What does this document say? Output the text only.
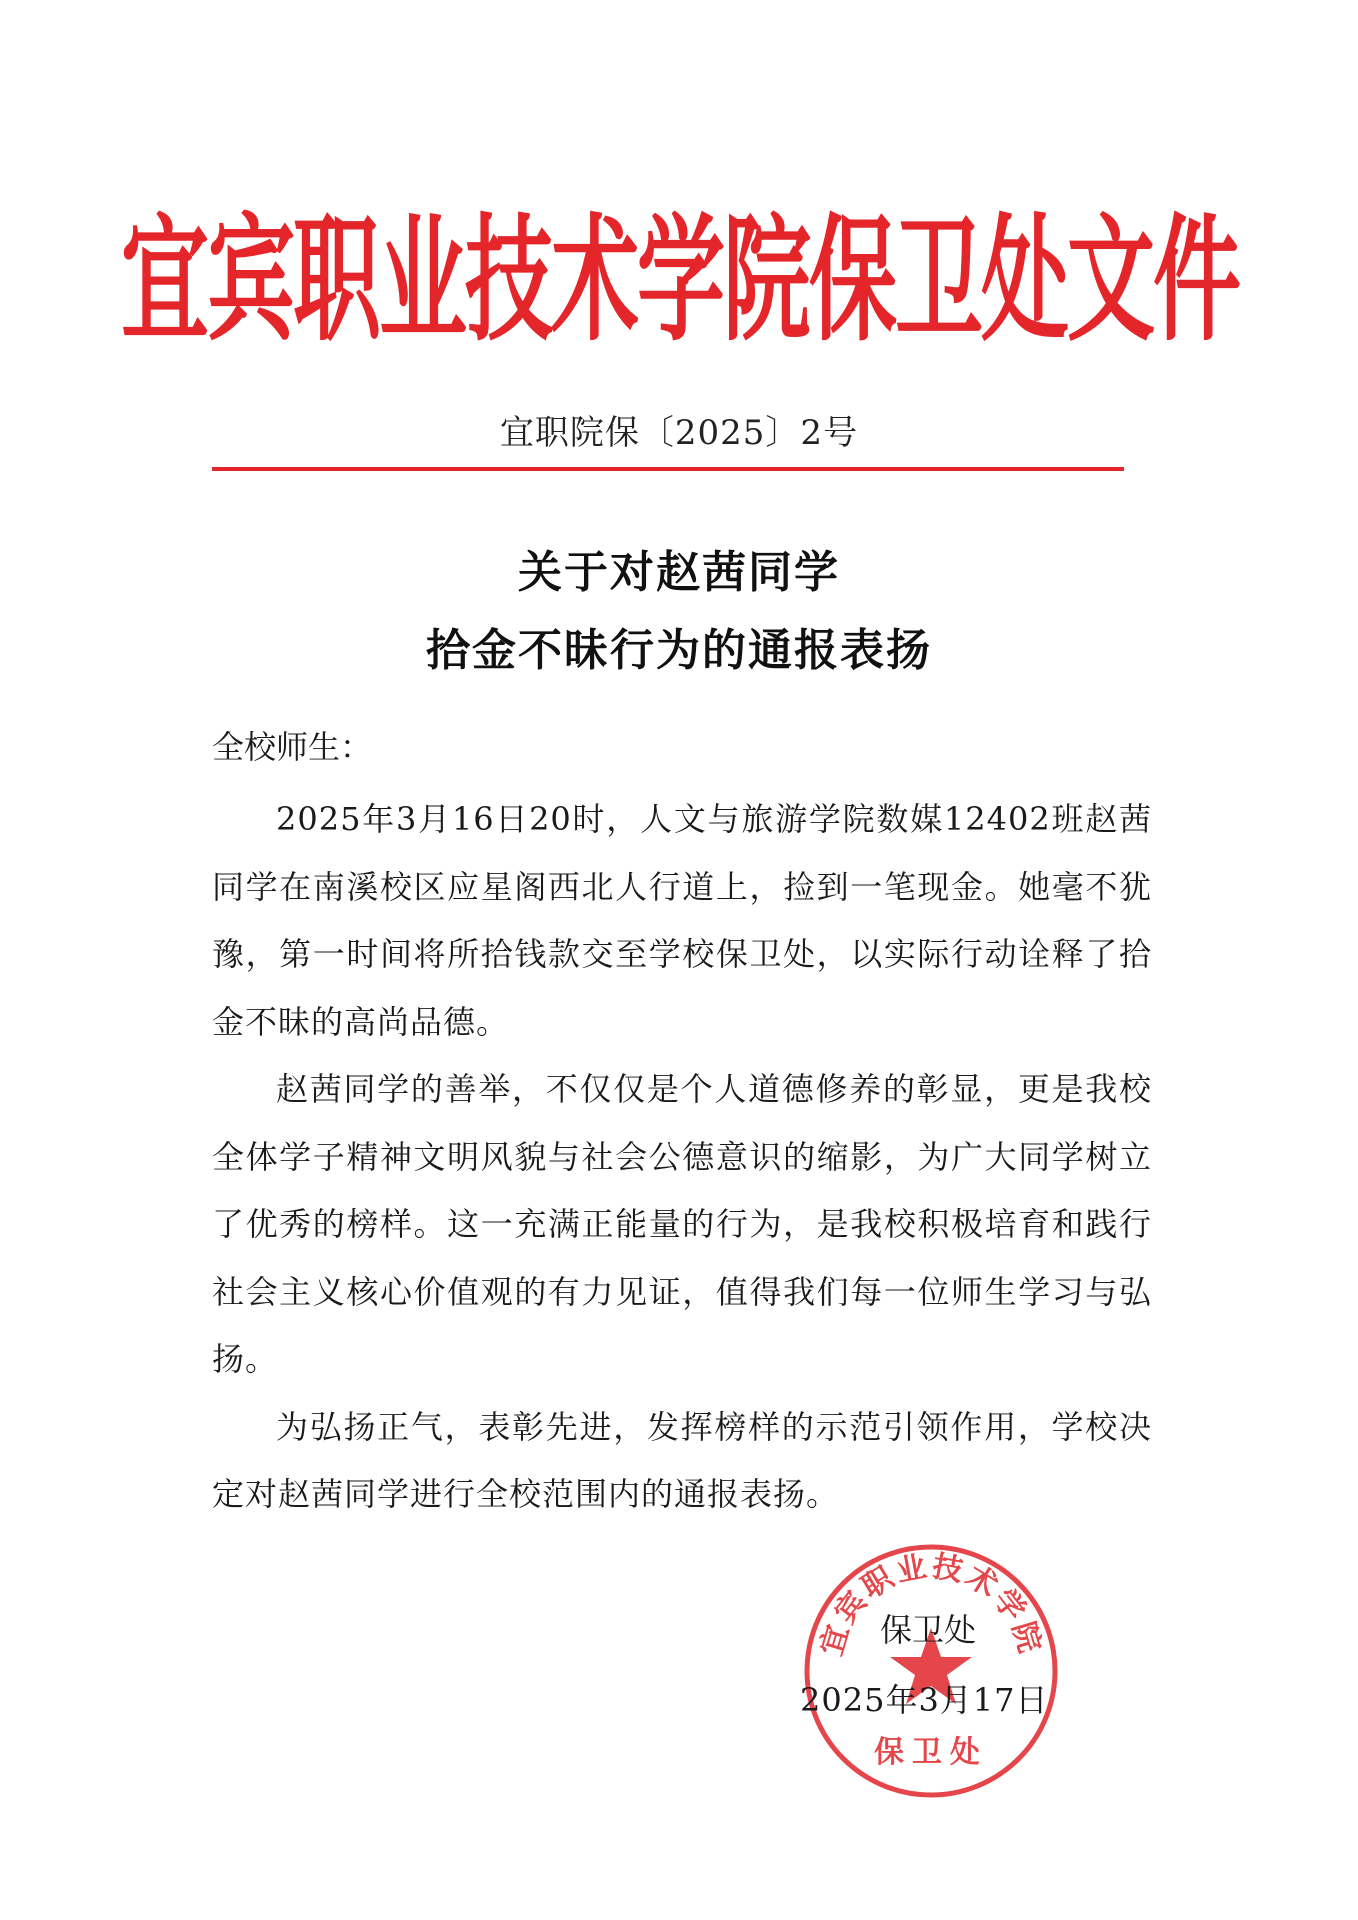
宜宾职业技术学院保卫处文件
宜职院保〔2025〕2号
关于对赵茜同学
拾金不昧行为的通报表扬
全校师生：

2025年3月16日20时，人文与旅游学院数媒12402班赵茜同学在南溪校区应星阁西北人行道上，捡到一笔现金。她毫不犹豫，第一时间将所拾钱款交至学校保卫处，以实际行动诠释了拾金不昧的高尚品德。

赵茜同学的善举，不仅仅是个人道德修养的彰显，更是我校全体学子精神文明风貌与社会公德意识的缩影，为广大同学树立了优秀的榜样。这一充满正能量的行为，是我校积极培育和践行社会主义核心价值观的有力见证，值得我们每一位师生学习与弘扬。

为弘扬正气，表彰先进，发挥榜样的示范引领作用，学校决定对赵茜同学进行全校范围内的通报表扬。

宜宾职业技术学院
保卫处
保卫处
2025年3月17日
